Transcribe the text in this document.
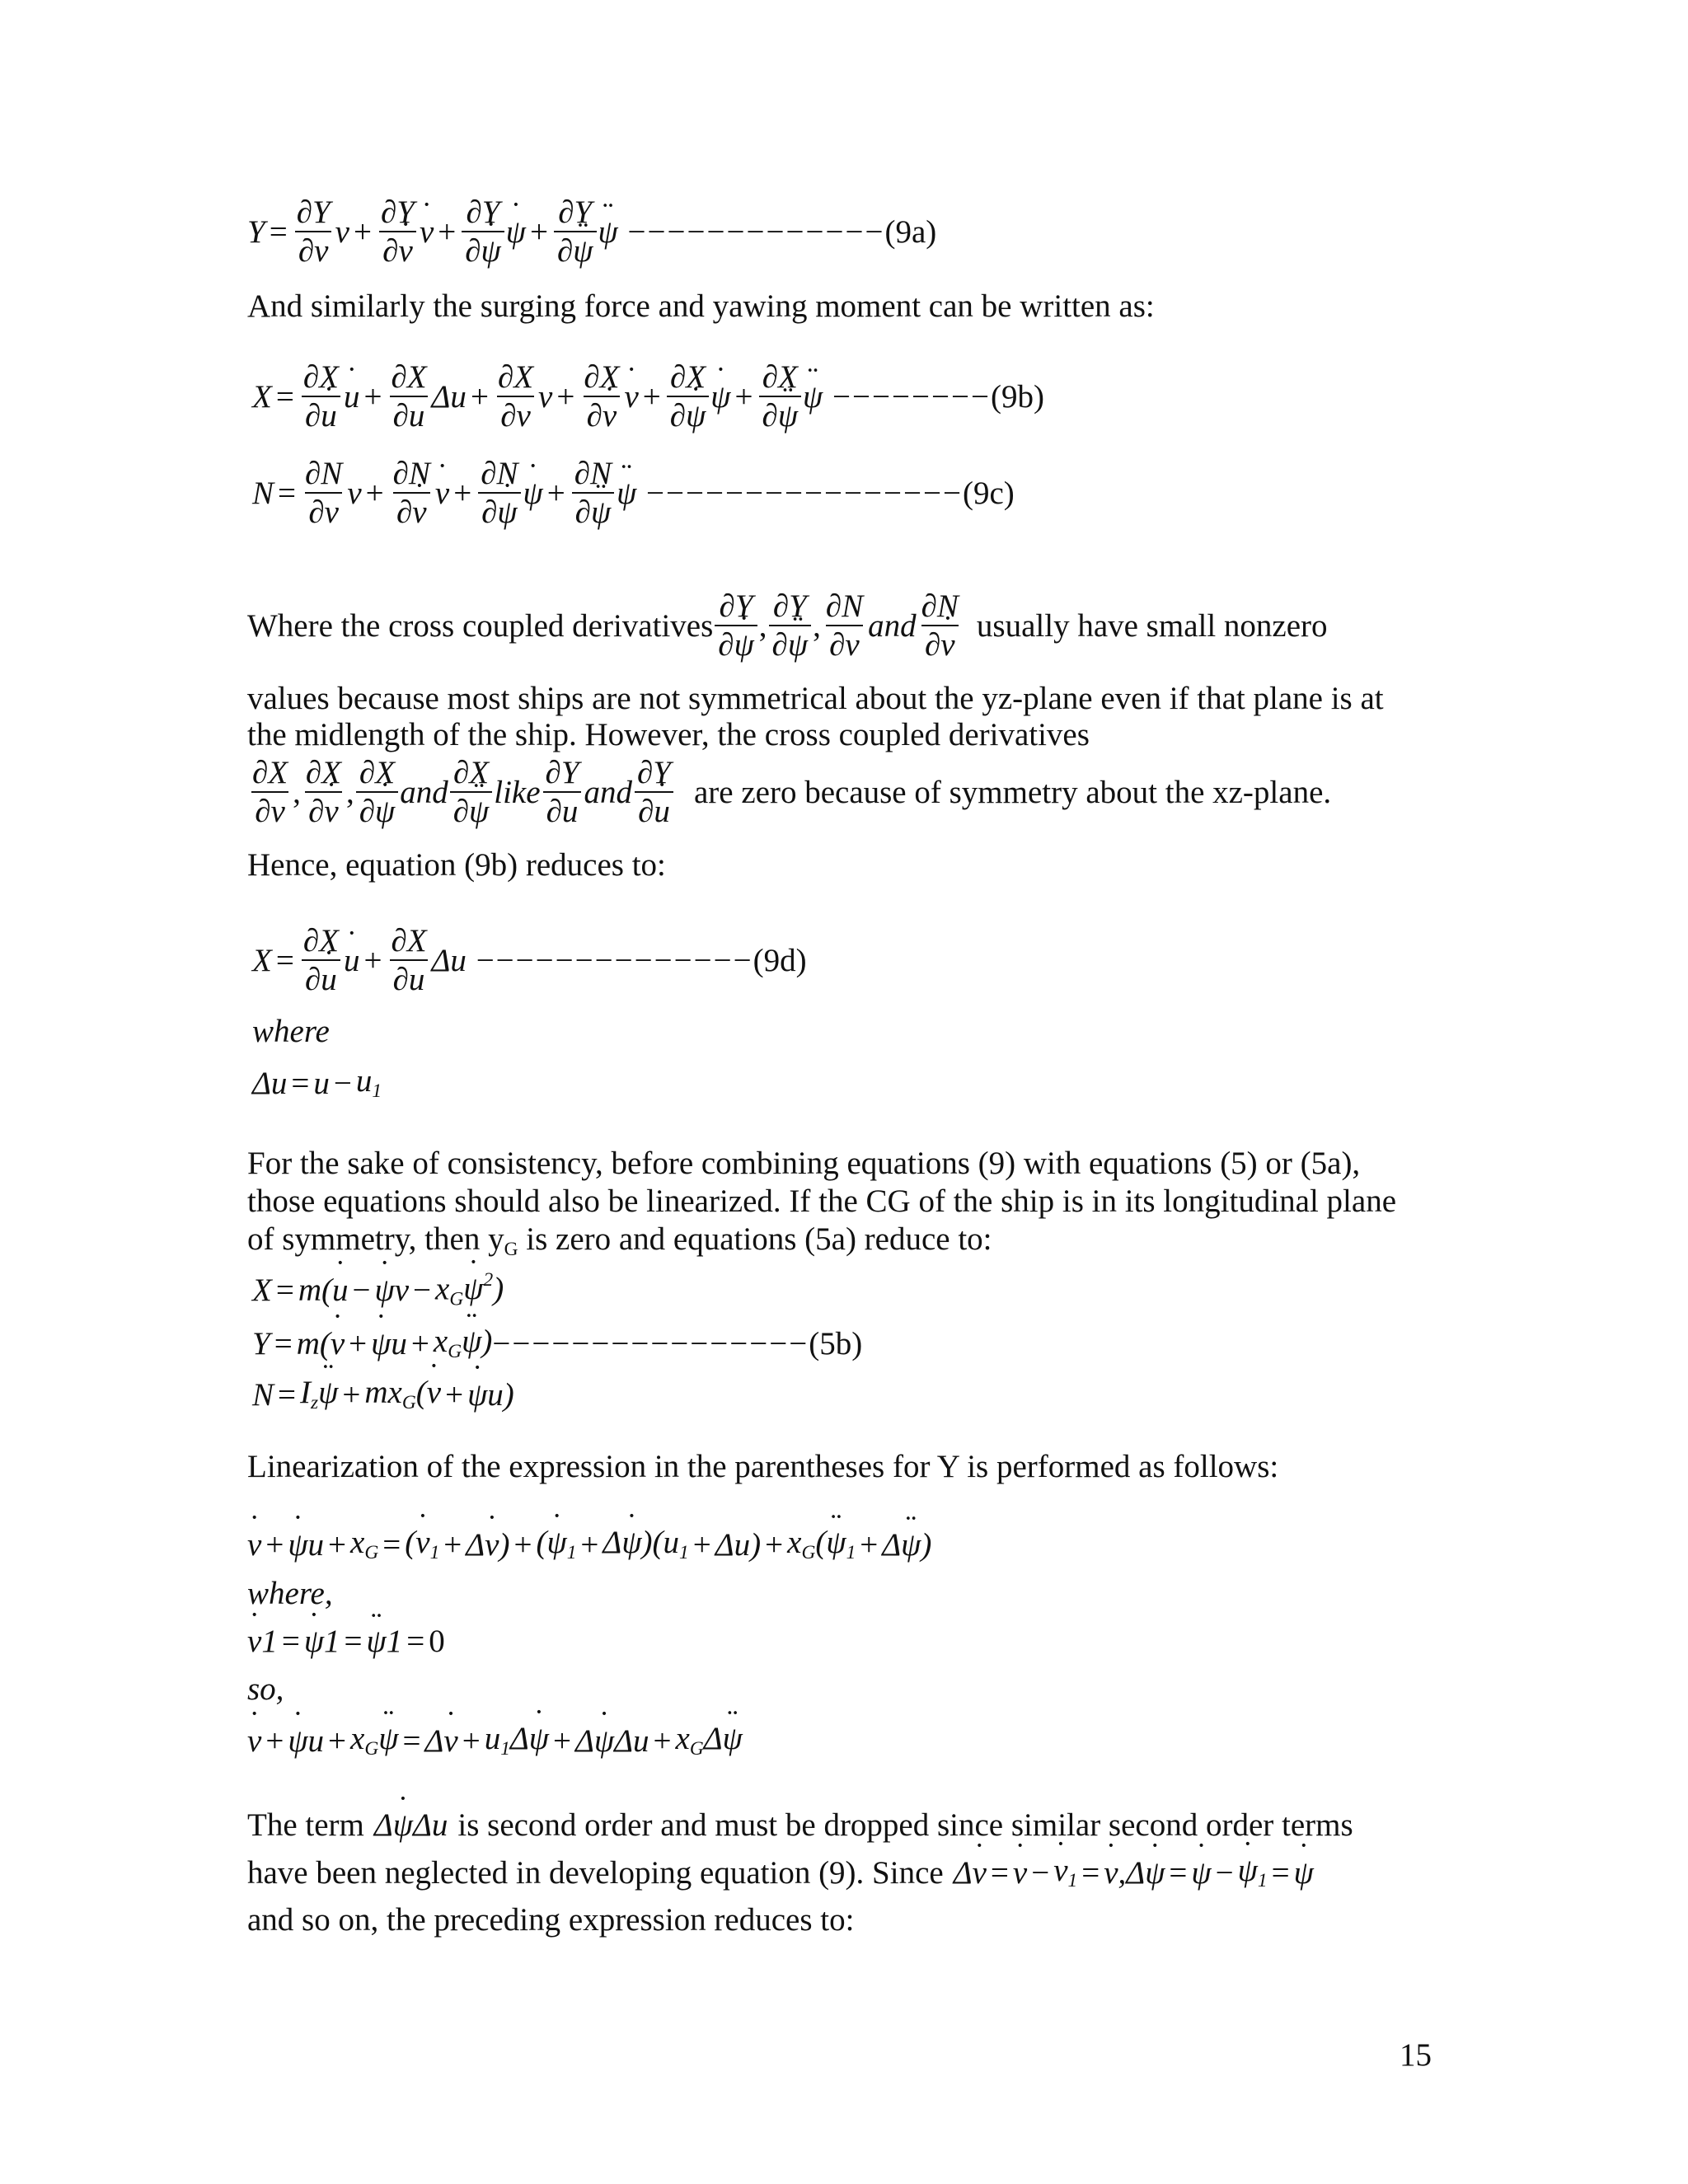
$Y = \frac{\partial Y}{\partial v}$ $v + \frac{\partial Y}{\partial v}$ ˙ v ˙ + $\frac{\partial Y}{\partial\psi}$ ˙ ψ ˙ + $\frac{\partial Y}{\partial\psi}$ ¨ ψ ¨ −−−−−−−−−−−−− (9a)
And similarly the surging force and yawing moment can be written as:
$X = \frac{\partial X}{\partial u}$ ˙ u ˙ + $\frac{\partial X}{\partial u}$ $\Delta u + \frac{\partial X}{\partial v}$ $v + \frac{\partial X}{\partial v}$ ˙ v ˙ + $\frac{\partial X}{\partial\psi}$ ˙ ψ ˙ + $\frac{\partial X}{\partial\psi}$ ¨ ψ ¨ −−−−−−−− (9b)
$N = \frac{\partial N}{\partial v}$ $v + \frac{\partial N}{\partial v}$ ˙ v ˙ + $\frac{\partial N}{\partial\psi}$ ˙ ψ ˙ + $\frac{\partial N}{\partial\psi}$ ¨ ψ ¨ −−−−−−−−−−−−−−−− (9c)
Where the cross coupled derivatives $\frac{\partial Y}{\partial\psi}$ ˙ , $\frac{\partial Y}{\partial\psi}$ ¨ , $\frac{\partial N}{\partial v}$ and $\frac{\partial N}{\partial v}$ ˙ usually have small nonzero
values because most ships are not symmetrical about the yz-plane even if that plane is at
the midlength of the ship. However, the cross coupled derivatives
$\frac{\partial X}{\partial v}$ , $\frac{\partial X}{\partial v}$ ˙ , $\frac{\partial X}{\partial\psi}$ ˙ and $\frac{\partial X}{\partial\psi}$ ¨ like $\frac{\partial Y}{\partial u}$ and $\frac{\partial Y}{\partial u}$ ˙ are zero because of symmetry about the xz-plane.
Hence, equation (9b) reduces to:
$X = \frac{\partial X}{\partial u}$ ˙ u ˙ + $\frac{\partial X}{\partial u}$ Δu −−−−−−−−−−−−−− (9d)
where
$\Delta u = u - u_1$
For the sake of consistency, before combining equations (9) with equations (5) or (5a),
those equations should also be linearized. If the CG of the ship is in its longitudinal plane
of symmetry, then $y_G$ is zero and equations (5a) reduce to:
X = m(u ˙ − ψ ˙v − $x_G\psi$ ˙$^2$)
Y = m(v ˙ + ψ ˙u + $x_G\psi$ ¨) −−−−−−−−−−−−−−−− (5b)
$N = I_z\psi$ ¨ + $mx_G(v$ ˙ + ψ ˙u)
Linearization of the expression in the parentheses for Y is performed as follows:
v ˙ + ψ ˙u + $x_G = (v$ $˙_1 + \Delta v$ ˙) + (ψ $˙_1 + \Delta\psi$ $˙)(u_1 + \Delta u) + x_G(\psi$ $¨_1 + \Delta\psi$ ¨)
where,
v ˙1 = ψ ˙1 = ψ ¨1 = 0
so,
v ˙ + ψ ˙u + $x_G\psi$ ¨ = Δv ˙ + $u_1\Delta\psi$ ˙ + Δψ ˙Δu + $x_G\Delta\psi$ ¨
The term Δψ ˙Δu is second order and must be dropped since similar second order terms
have been neglected in developing equation (9). Since Δv ˙ = v ˙ − v $˙_1 = v$ ˙,Δψ ˙ = ψ ˙ − ψ $˙_1 = \psi$ ˙
and so on, the preceding expression reduces to:
15
